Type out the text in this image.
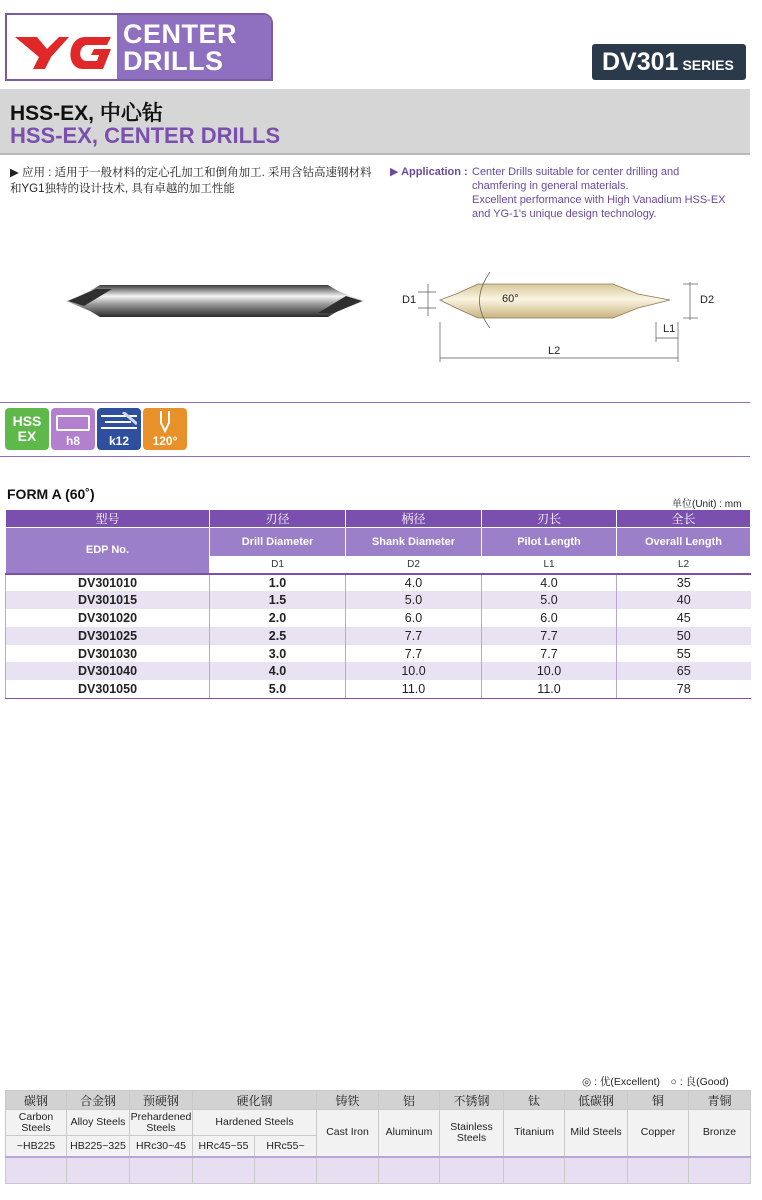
CENTER
DRILLS	DV301 SERIES
HSS-EX, 中心钻
HSS-EX, CENTER DRILLS
▶ 应用 : 适用于一般材料的定心孔加工和倒角加工. 采用含钴高速钢材料和YG1独特的设计技术, 具有卓越的加工性能
▶ Application : Center Drills suitable for center drilling and
chamfering in general materials.
Excellent performance with High Vanadium HSS-EX
and YG-1's unique design technology.
D1	D2
60°
L1
L2
HSS
EX	h8	k12	120°
FORM A (60˚)
单位(Unit) : mm
型号	刃径	柄径	刃长	全长
EDP No.	Drill Diameter	Shank Diameter	Pilot Length	Overall Length
	D1	D2	L1	L2
DV301010	1.0	4.0	4.0	35
DV301015	1.5	5.0	5.0	40
DV301020	2.0	6.0	6.0	45
DV301025	2.5	7.7	7.7	50
DV301030	3.0	7.7	7.7	55
DV301040	4.0	10.0	10.0	65
DV301050	5.0	11.0	11.0	78
◎ : 优(Excellent)　○ : 良(Good)
碳钢	合金钢	预硬钢	硬化钢		铸铁	铝	不锈钢	钛	低碳钢	铜	青铜
Carbon Steels	Alloy Steels	Prehardened Steels	Hardened Steels		Cast Iron	Aluminum	Stainless Steels	Titanium	Mild Steels	Copper	Bronze
~HB225	HB225~325	HRc30~45	HRc45~55	HRc55~							
